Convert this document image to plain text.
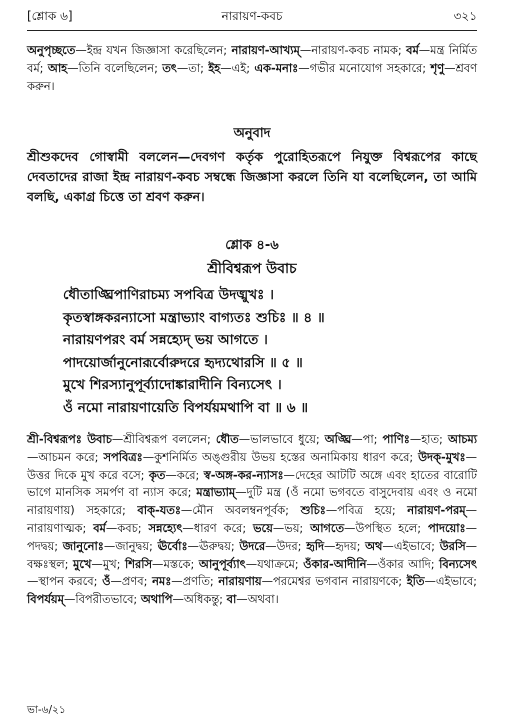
[শ্লোক ৬]	নারায়ণ-কবচ	৩২১

অনুপৃচ্ছতে—ইন্দ্র যখন জিজ্ঞাসা করেছিলেন; নারায়ণ-আখ্যম্—নারায়ণ-কবচ নামক; বর্ম—মন্ত্র নির্মিত বর্ম; আহ—তিনি বলেছিলেন; তৎ—তা; ইহ—এই; এক-মনাঃ—গভীর মনোযোগ সহকারে; শৃণু—শ্রবণ করুন।

অনুবাদ
শ্রীশুকদেব গোস্বামী বললেন—দেবগণ কর্তৃক পুরোহিতরূপে নিযুক্ত বিশ্বরূপের কাছে দেবতাদের রাজা ইন্দ্র নারায়ণ-কবচ সম্বন্ধে জিজ্ঞাসা করলে তিনি যা বলেছিলেন, তা আমি বলছি, একাগ্র চিত্তে তা শ্রবণ করুন।
শ্লোক ৪-৬
শ্রীবিশ্বরূপ উবাচ
ধৌতাঙ্ঘ্রিপাণিরাচম্য সপবিত্র উদঙ্মুখঃ ।
কৃতস্বাঙ্গকরন্যাসো মন্ত্রাভ্যাং বাগ্যতঃ শুচিঃ ॥ ৪ ॥
নারায়ণপরং বর্ম সন্নহ্যেদ্ ভয় আগতে ।
পাদয়োর্জানুনোরূর্বোরুদরে হৃদ্যথোরসি ॥ ৫ ॥
মুখে শিরস্যানুপূর্ব্যাদোঙ্কারাদীনি বিন্যসেৎ ।
ওঁ নমো নারায়ণায়েতি বিপর্যয়মথাপি বা ॥ ৬ ॥

শ্রী-বিশ্বরূপঃ উবাচ—শ্রীবিশ্বরূপ বললেন; ধৌত—ভালভাবে ধুয়ে; অঙ্ঘ্রি—পা; পাণিঃ—হাত; আচম্য—আচমন করে; সপবিত্রঃ—কুশনির্মিত অঙ্গুরীয় উভয় হস্তের অনামিকায় ধারণ করে; উদক্-মুখঃ—উত্তর দিকে মুখ করে বসে; কৃত—করে; স্ব-অঙ্গ-কর-ন্যাসঃ—দেহের আটটি অঙ্গে এবং হাতের বারোটি ভাগে মানসিক সমর্পণ বা ন্যাস করে; মন্ত্রাভ্যাম্—দুটি মন্ত্র (ওঁ নমো ভগবতে বাসুদেবায় এবং ও নমো নারায়ণায়) সহকারে; বাক্-যতঃ—মৌন অবলম্বনপূর্বক; শুচিঃ—পবিত্র হয়ে; নারায়ণ-পরম্—নারায়ণাত্মক; বর্ম—কবচ; সন্নহ্যেৎ—ধারণ করে; ভয়ে—ভয়; আগতে—উপস্থিত হলে; পাদয়োঃ—পদদ্বয়; জানুনোঃ—জানুদ্বয়; ঊর্বোঃ—ঊরুদ্বয়; উদরে—উদর; হৃদি—হৃদয়; অথ—এইভাবে; উরসি—বক্ষঃস্থল; মুখে—মুখ; শিরসি—মস্তকে; আনুপূর্ব্যাৎ—যথাক্রমে; ওঁকার-আদীনি—ওঁকার আদি; বিন্যসেৎ—স্থাপন করবে; ওঁ—প্রণব; নমঃ—প্রণতি; নারায়ণায়—পরমেশ্বর ভগবান নারায়ণকে; ইতি—এইভাবে; বিপর্যয়ম্—বিপরীতভাবে; অথাপি—অধিকন্তু; বা—অথবা।

ভা-৬/২১
